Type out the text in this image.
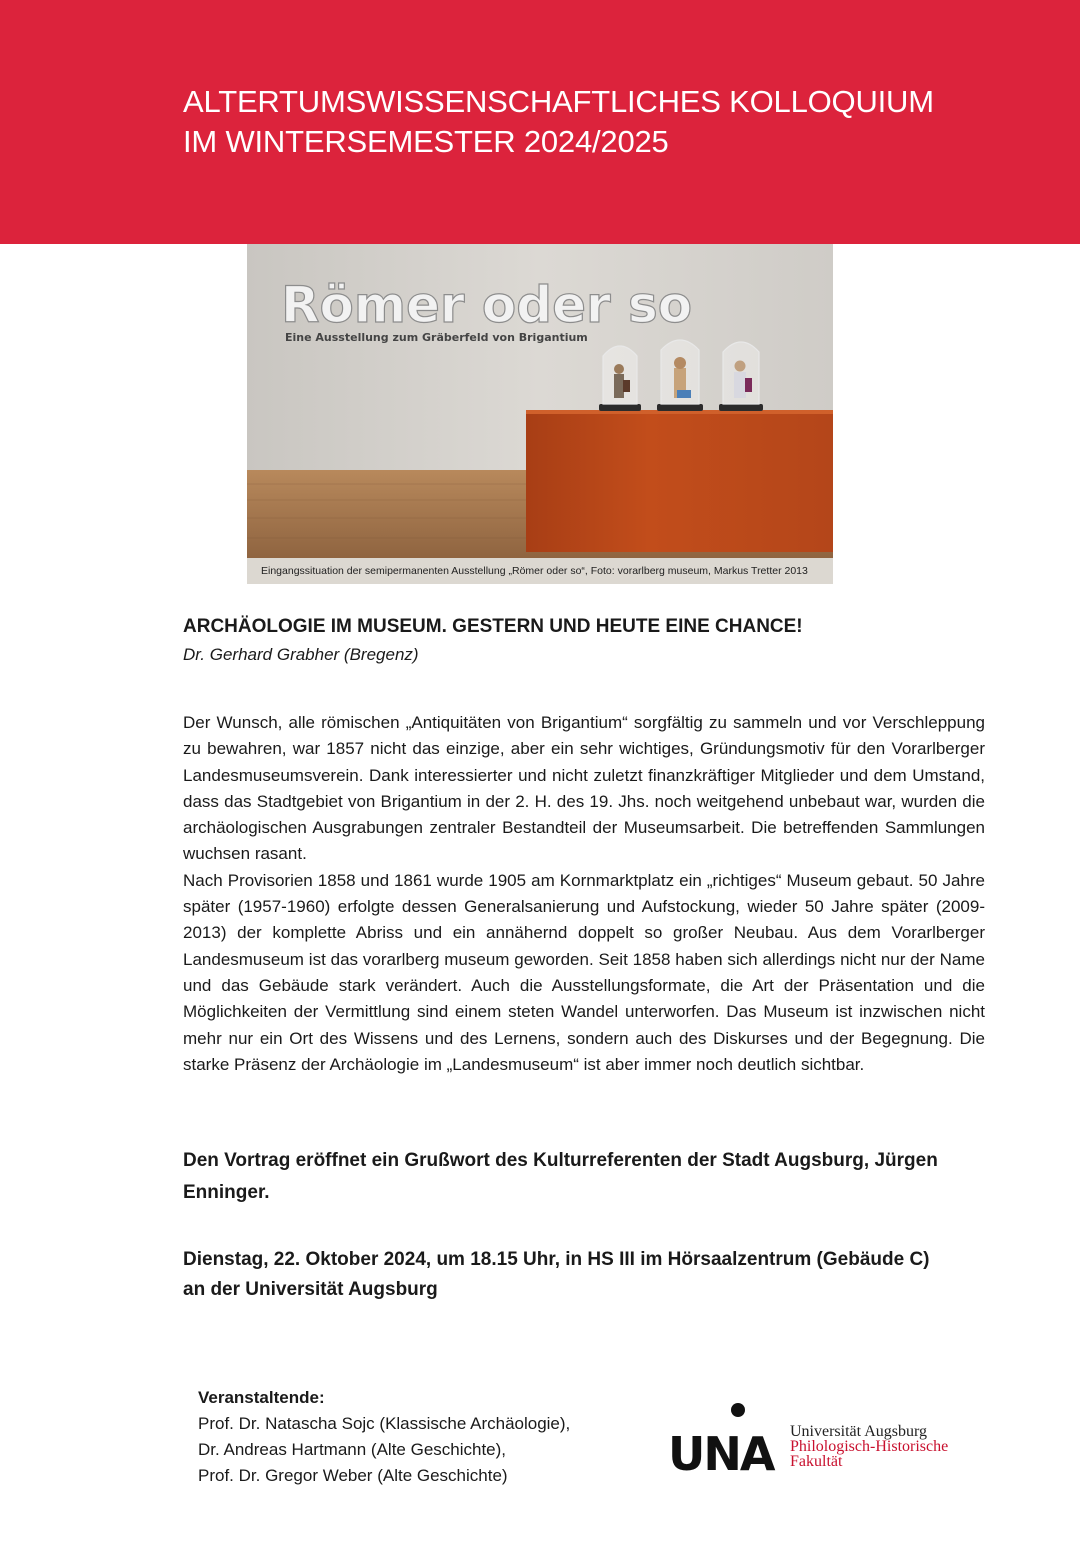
ALTERTUMSWISSENSCHAFTLICHES KOLLOQUIUM
IM WINTERSEMESTER 2024/2025
Römer oder so
Eine Ausstellung zum Gräberfeld von Brigantium
Eingangssituation der semipermanenten Ausstellung „Römer oder so“, Foto: vorarlberg museum, Markus Tretter 2013
ARCHÄOLOGIE IM MUSEUM. GESTERN UND HEUTE EINE CHANCE!

Dr. Gerhard Grabher (Bregenz)

Der Wunsch, alle römischen „Antiquitäten von Brigantium“ sorgfältig zu sammeln und vor Verschleppung zu bewahren, war 1857 nicht das einzige, aber ein sehr wichtiges, Gründungsmotiv für den Vorarlberger Landesmuseumsverein. Dank interessierter und nicht zuletzt finanzkräftiger Mitglieder und dem Umstand, dass das Stadtgebiet von Brigantium in der 2. H. des 19. Jhs. noch weitgehend unbebaut war, wurden die archäologischen Ausgrabungen zentraler Bestandteil der Museumsarbeit. Die betreffenden Sammlungen wuchsen rasant.

Nach Provisorien 1858 und 1861 wurde 1905 am Kornmarktplatz ein „richtiges“ Museum gebaut. 50 Jahre später (1957-1960) erfolgte dessen Generalsanierung und Aufstockung, wieder 50 Jahre später (2009-2013) der komplette Abriss und ein annähernd doppelt so großer Neubau. Aus dem Vorarlberger Landesmuseum ist das vorarlberg museum geworden. Seit 1858 haben sich allerdings nicht nur der Name und das Gebäude stark verändert. Auch die Ausstellungsformate, die Art der Präsentation und die Möglichkeiten der Vermittlung sind einem steten Wandel unterworfen. Das Museum ist inzwischen nicht mehr nur ein Ort des Wissens und des Lernens, sondern auch des Diskurses und der Begegnung. Die starke Präsenz der Archäologie im „Landesmuseum“ ist aber immer noch deutlich sichtbar.

Den Vortrag eröffnet ein Grußwort des Kulturreferenten der Stadt Augsburg, Jürgen Enninger.

Dienstag, 22. Oktober 2024, um 18.15 Uhr, in HS III im Hörsaalzentrum (Gebäude C)
an der Universität Augsburg

Veranstaltende:
Prof. Dr. Natascha Sojc (Klassische Archäologie),
Dr. Andreas Hartmann (Alte Geschichte),
Prof. Dr. Gregor Weber (Alte Geschichte)	UNA Universität Augsburg
Philologisch-Historische
Fakultät
